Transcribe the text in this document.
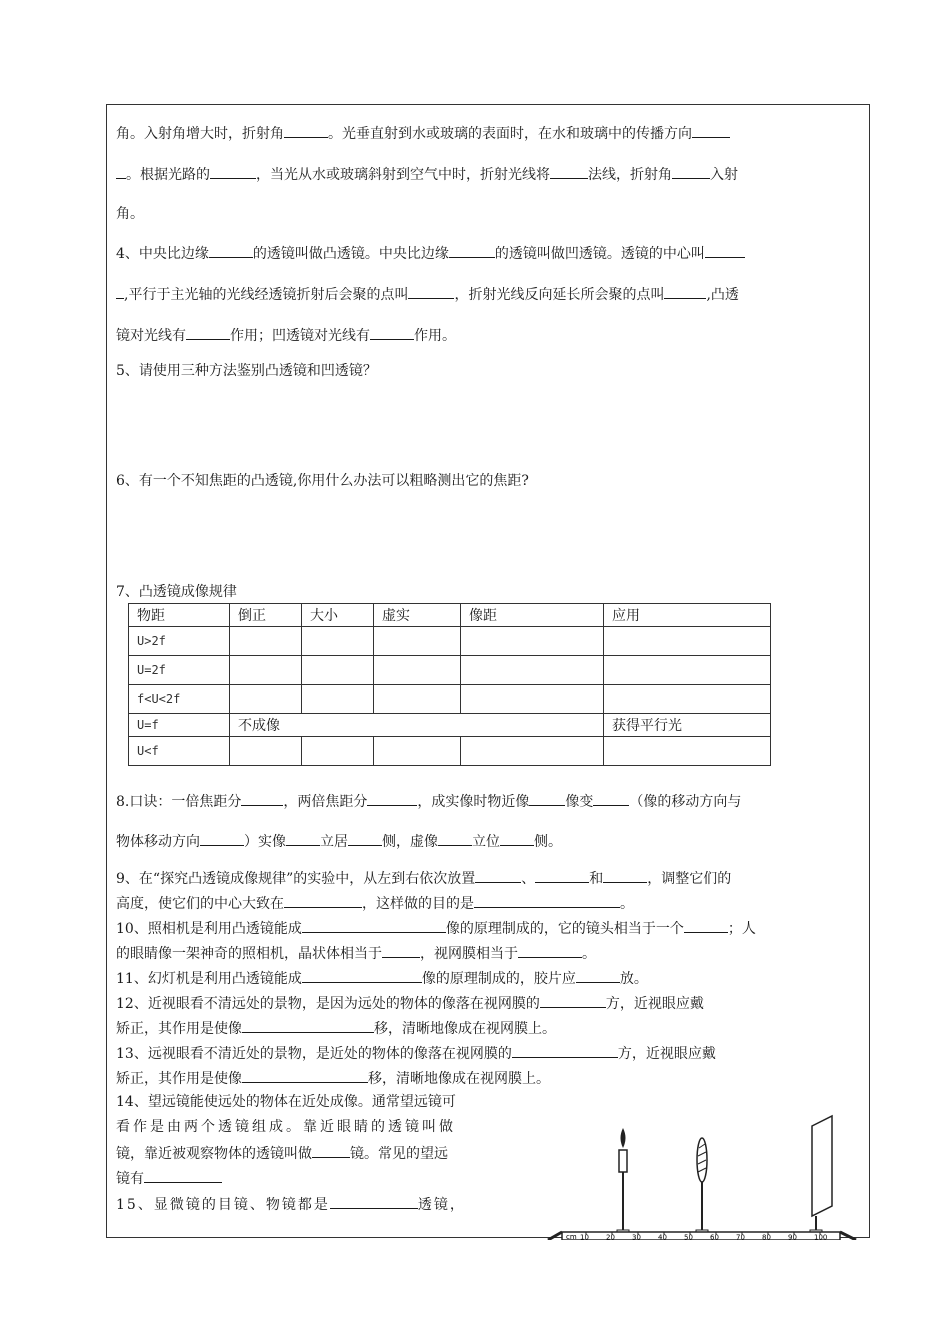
角。入射角增大时，折射角	。光垂直射到水或玻璃的表面时，在水和玻璃中的传播方向
。根据光路的	，当光从水或玻璃斜射到空气中时，折射光线将	法线，折射角	入射
角。
4、中央比边缘	的透镜叫做凸透镜。中央比边缘	的透镜叫做凹透镜。透镜的中心叫
,平行于主光轴的光线经透镜折射后会聚的点叫	，折射光线反向延长所会聚的点叫	,凸透
镜对光线有	作用；凹透镜对光线有	作用。
5、请使用三种方法鉴别凸透镜和凹透镜？
6、有一个不知焦距的凸透镜,你用什么办法可以粗略测出它的焦距?
7、凸透镜成像规律
物距	倒正	大小	虚实	像距	应用
U>2f					
U=2f					
f<U<2f					
U=f	不成像				获得平行光
U<f					
8.口诀：一倍焦距分	，两倍焦距分	，成实像时物近像	像变	（像的移动方向与
物体移动方向	）实像 立居 侧，虚像 立位 侧。
9、在“探究凸透镜成像规律”的实验中，从左到右依次放置	、	和	，调整它们的
高度，使它们的中心大致在	，这样做的目的是	。
10、照相机是利用凸透镜能成	像的原理制成的，它的镜头相当于一个	；人
的眼睛像一架神奇的照相机，晶状体相当于	，视网膜相当于	。
11、幻灯机是利用凸透镜能成	像的原理制成的，胶片应	放。
12、近视眼看不清远处的景物，是因为远处的物体的像落在视网膜的	方，近视眼应戴
矫正，其作用是使像	移，清晰地像成在视网膜上。
13、远视眼看不清近处的景物，是近处的物体的像落在视网膜的	方，近视眼应戴
矫正，其作用是使像	移，清晰地像成在视网膜上。
14、望远镜能使远处的物体在近处成像。通常望远镜可
看作是由两个透镜组成。靠近眼睛的透镜叫做
镜，靠近被观察物体的透镜叫做	镜。常见的望远
镜有
15、显微镜的目镜、物镜都是	透镜，
cm 10 20 30 40 50 60 70 80 90 100
